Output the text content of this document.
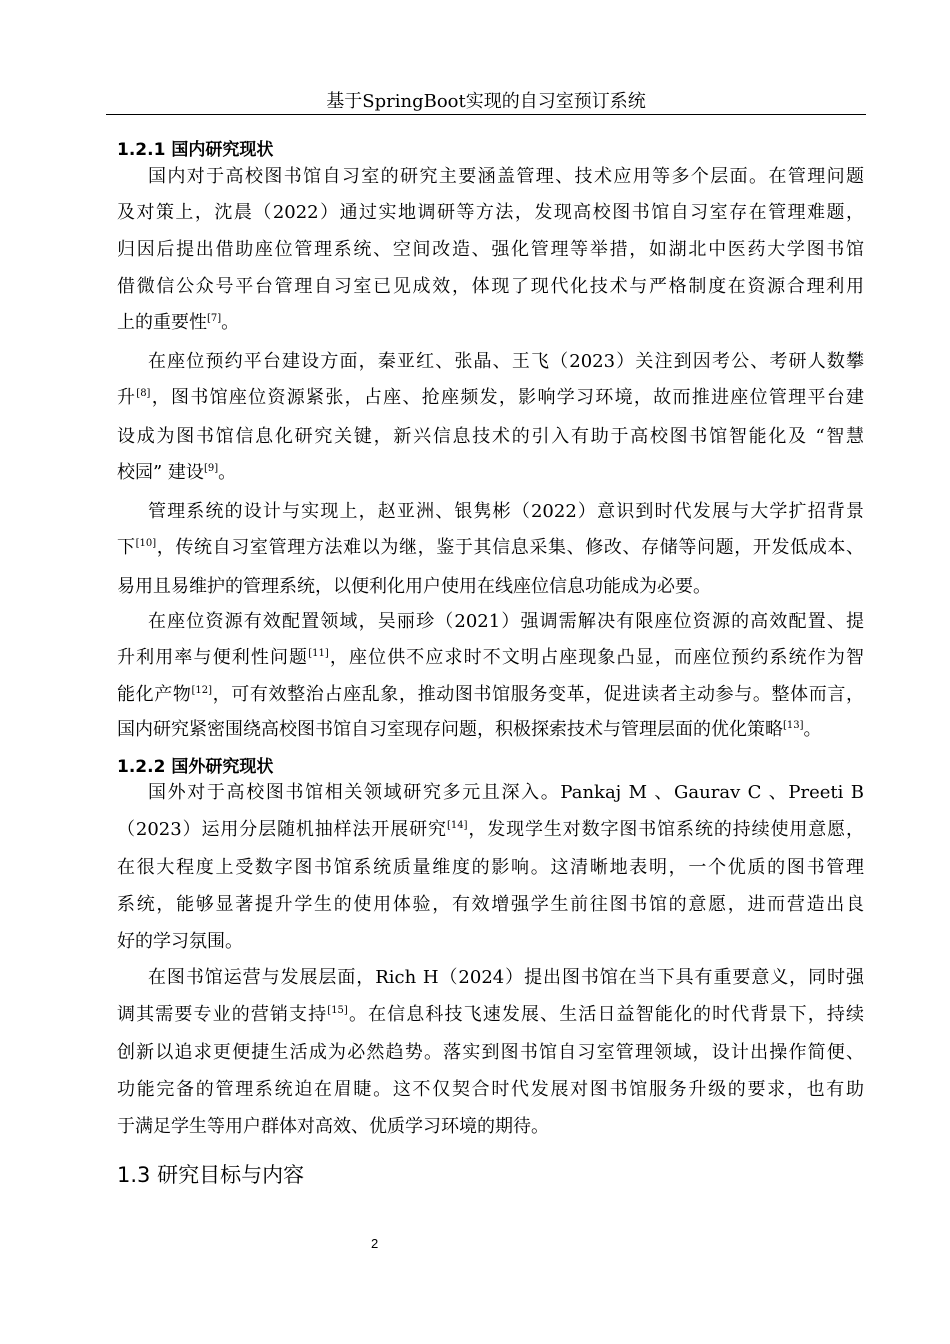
基于SpringBoot实现的自习室预订系统
1.2.1 国内研究现状
1.2.2 国外研究现状
1.3 研究目标与内容
国内对于高校图书馆自习室的研究主要涵盖管理、技术应用等多个层面。在管理问题
及对策上，沈晨（2022）通过实地调研等方法，发现高校图书馆自习室存在管理难题，
归因后提出借助座位管理系统、空间改造、强化管理等举措，如湖北中医药大学图书馆
借微信公众号平台管理自习室已见成效，体现了现代化技术与严格制度在资源合理利用
上的重要性[7]。
在座位预约平台建设方面，秦亚红、张晶、王飞（2023）关注到因考公、考研人数攀
升[8]，图书馆座位资源紧张，占座、抢座频发，影响学习环境，故而推进座位管理平台建
设成为图书馆信息化研究关键，新兴信息技术的引入有助于高校图书馆智能化及 “智慧
校园” 建设[9]。
管理系统的设计与实现上，赵亚洲、银隽彬（2022）意识到时代发展与大学扩招背景
下[10]，传统自习室管理方法难以为继，鉴于其信息采集、修改、存储等问题，开发低成本、
易用且易维护的管理系统，以便利化用户使用在线座位信息功能成为必要。
在座位资源有效配置领域，吴丽珍（2021）强调需解决有限座位资源的高效配置、提
升利用率与便利性问题[11]，座位供不应求时不文明占座现象凸显，而座位预约系统作为智
能化产物[12]，可有效整治占座乱象，推动图书馆服务变革，促进读者主动参与。整体而言，
国内研究紧密围绕高校图书馆自习室现存问题，积极探索技术与管理层面的优化策略[13]。
国外对于高校图书馆相关领域研究多元且深入。Pankaj M 、Gaurav C 、Preeti B
（2023）运用分层随机抽样法开展研究[14]，发现学生对数字图书馆系统的持续使用意愿，
在很大程度上受数字图书馆系统质量维度的影响。这清晰地表明，一个优质的图书管理
系统，能够显著提升学生的使用体验，有效增强学生前往图书馆的意愿，进而营造出良
好的学习氛围。
在图书馆运营与发展层面，Rich H（2024）提出图书馆在当下具有重要意义，同时强
调其需要专业的营销支持[15]。在信息科技飞速发展、生活日益智能化的时代背景下，持续
创新以追求更便捷生活成为必然趋势。落实到图书馆自习室管理领域，设计出操作简便、
功能完备的管理系统迫在眉睫。这不仅契合时代发展对图书馆服务升级的要求，也有助
于满足学生等用户群体对高效、优质学习环境的期待。
2
